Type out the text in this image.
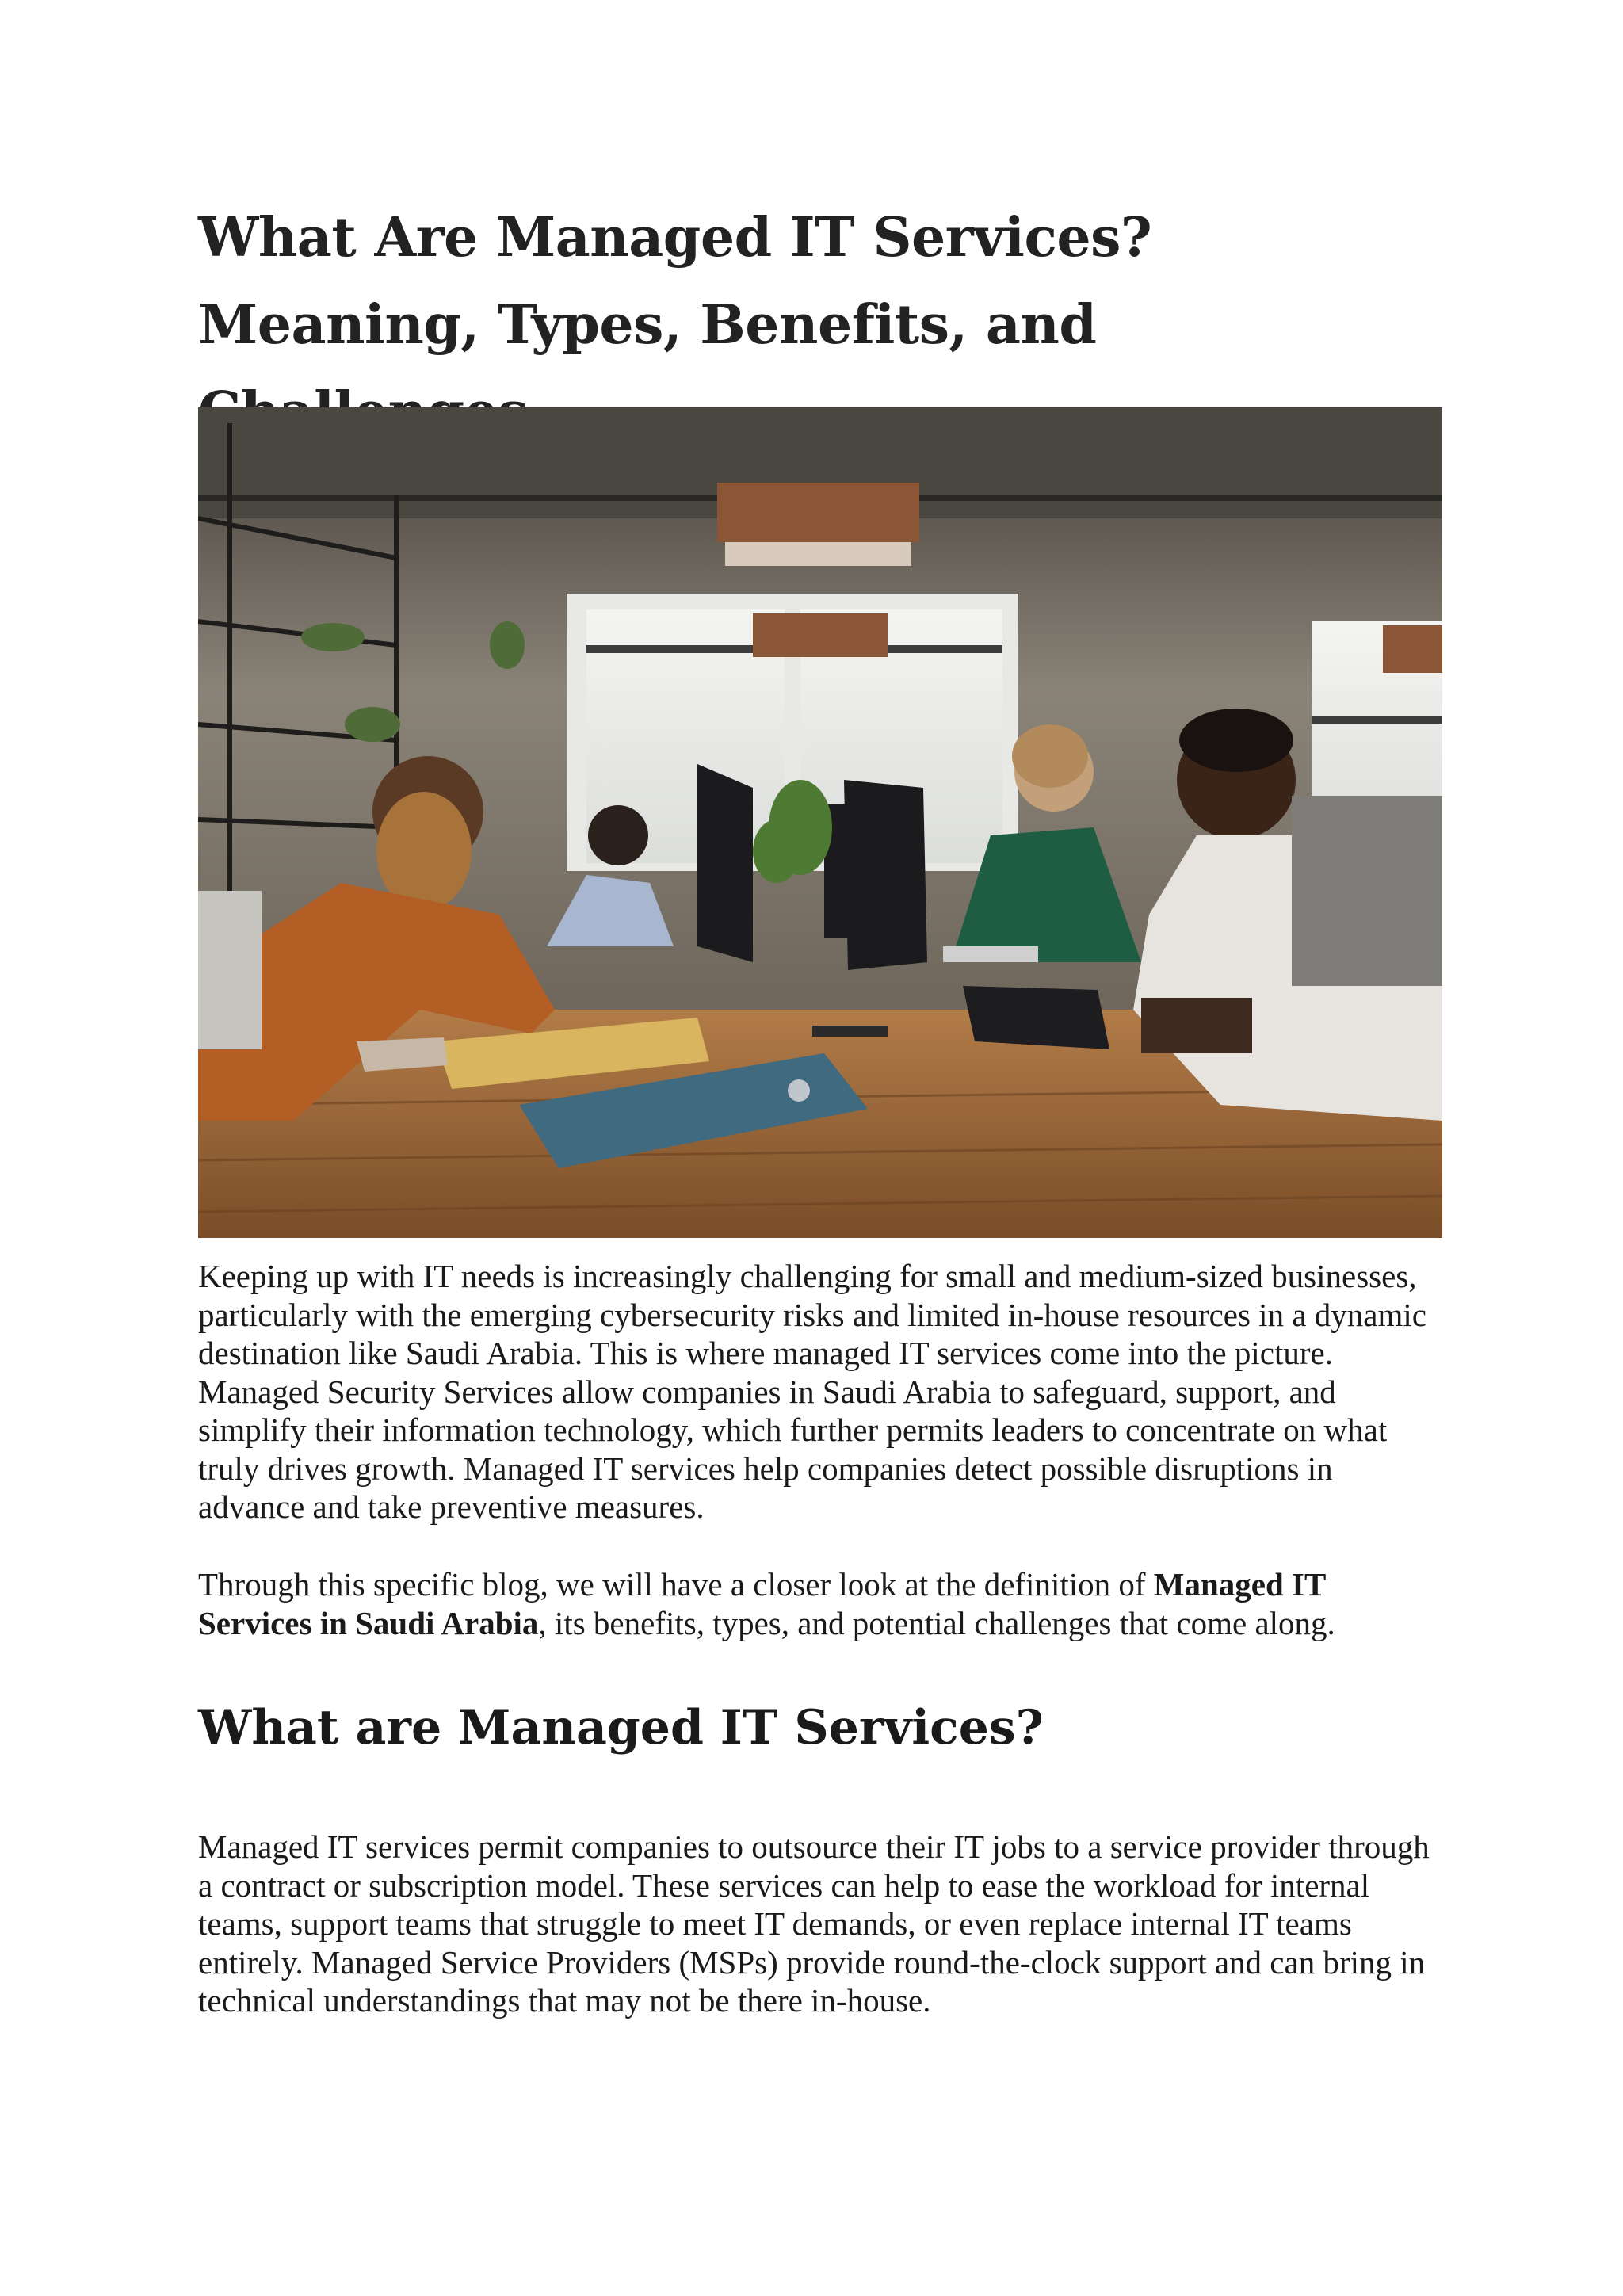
What Are Managed IT Services? Meaning, Types, Benefits, and

Keeping up with IT needs is increasingly challenging for small and medium-sized businesses, particularly with the emerging cybersecurity risks and limited in-house resources in a dynamic destination like Saudi Arabia. This is where managed IT services come into the picture. Managed Security Services allow companies in Saudi Arabia to safeguard, support, and simplify their information technology, which further permits leaders to concentrate on what truly drives growth. Managed IT services help companies detect possible disruptions in advance and take preventive measures.

Through this specific blog, we will have a closer look at the definition of Managed IT Services in Saudi Arabia, its benefits, types, and potential challenges that come along.

What are Managed IT Services?

Managed IT services permit companies to outsource their IT jobs to a service provider through a contract or subscription model. These services can help to ease the workload for internal teams, support teams that struggle to meet IT demands, or even replace internal IT teams entirely. Managed Service Providers (MSPs) provide round-the-clock support and can bring in technical understandings that may not be there in-house.
